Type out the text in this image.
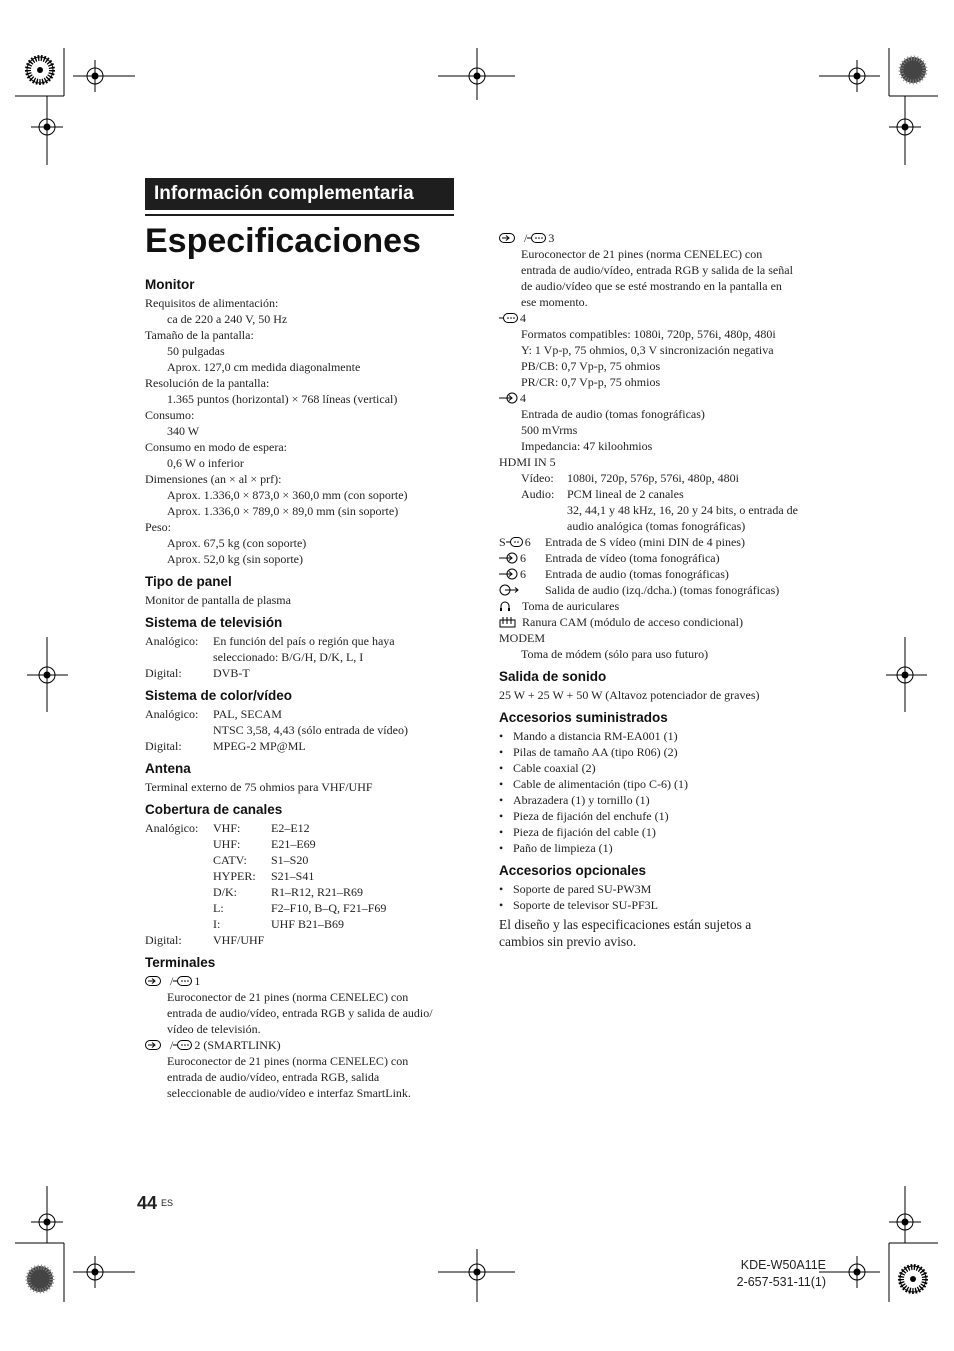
Información complementaria
Especificaciones
Monitor
Requisitos de alimentación:
ca de 220 a 240 V, 50 Hz
Tamaño de la pantalla:
50 pulgadas
Aprox. 127,0 cm medida diagonalmente
Resolución de la pantalla:
1.365 puntos (horizontal) × 768 líneas (vertical)
Consumo:
340 W
Consumo en modo de espera:
0,6 W o inferior
Dimensiones (an × al × prf):
Aprox. 1.336,0 × 873,0 × 360,0 mm (con soporte)
Aprox. 1.336,0 × 789,0 × 89,0 mm (sin soporte)
Peso:
Aprox. 67,5 kg (con soporte)
Aprox. 52,0 kg (sin soporte)
Tipo de panel
Monitor de pantalla de plasma
Sistema de televisión
Analógico:	En función del país o región que haya
seleccionado: B/G/H, D/K, L, I
Digital:	DVB-T
Sistema de color/vídeo
Analógico:	PAL, SECAM
NTSC 3,58, 4,43 (sólo entrada de vídeo)
Digital:	MPEG-2 MP@ML
Antena
Terminal externo de 75 ohmios para VHF/UHF
Cobertura de canales
Analógico:	VHF:	E2–E12
UHF:	E21–E69
CATV:	S1–S20
HYPER:	S21–S41
D/K:	R1–R12, R21–R69
L:	F2–F10, B–Q, F21–F69
I:	UHF B21–B69
Digital:	VHF/UHF
Terminales
/ 1
Euroconector de 21 pines (norma CENELEC) con
entrada de audio/vídeo, entrada RGB y salida de audio/
vídeo de televisión.
/ 2 (SMARTLINK)
Euroconector de 21 pines (norma CENELEC) con
entrada de audio/vídeo, entrada RGB, salida
seleccionable de audio/vídeo e interfaz SmartLink.
/ 3
Euroconector de 21 pines (norma CENELEC) con
entrada de audio/vídeo, entrada RGB y salida de la señal
de audio/vídeo que se esté mostrando en la pantalla en
ese momento.
4
Formatos compatibles: 1080i, 720p, 576i, 480p, 480i
Y: 1 Vp-p, 75 ohmios, 0,3 V sincronización negativa
PB/CB: 0,7 Vp-p, 75 ohmios
PR/CR: 0,7 Vp-p, 75 ohmios
4
Entrada de audio (tomas fonográficas)
500 mVrms
Impedancia: 47 kiloohmios
HDMI IN 5
Vídeo:	1080i, 720p, 576p, 576i, 480p, 480i
Audio:	PCM lineal de 2 canales
32, 44,1 y 48 kHz, 16, 20 y 24 bits, o entrada de
audio analógica (tomas fonográficas)
S 6	Entrada de S vídeo (mini DIN de 4 pines)
6	Entrada de vídeo (toma fonográfica)
6	Entrada de audio (tomas fonográficas)
Salida de audio (izq./dcha.) (tomas fonográficas)
Toma de auriculares
Ranura CAM (módulo de acceso condicional)
MODEM
Toma de módem (sólo para uso futuro)
Salida de sonido
25 W + 25 W + 50 W (Altavoz potenciador de graves)
Accesorios suministrados
• Mando a distancia RM-EA001 (1)
• Pilas de tamaño AA (tipo R06) (2)
• Cable coaxial (2)
• Cable de alimentación (tipo C-6) (1)
• Abrazadera (1) y tornillo (1)
• Pieza de fijación del enchufe (1)
• Pieza de fijación del cable (1)
• Paño de limpieza (1)
Accesorios opcionales
• Soporte de pared SU-PW3M
• Soporte de televisor SU-PF3L
El diseño y las especificaciones están sujetos a cambios sin previo aviso.
44 ES
KDE-W50A11E
2-657-531-11(1)
